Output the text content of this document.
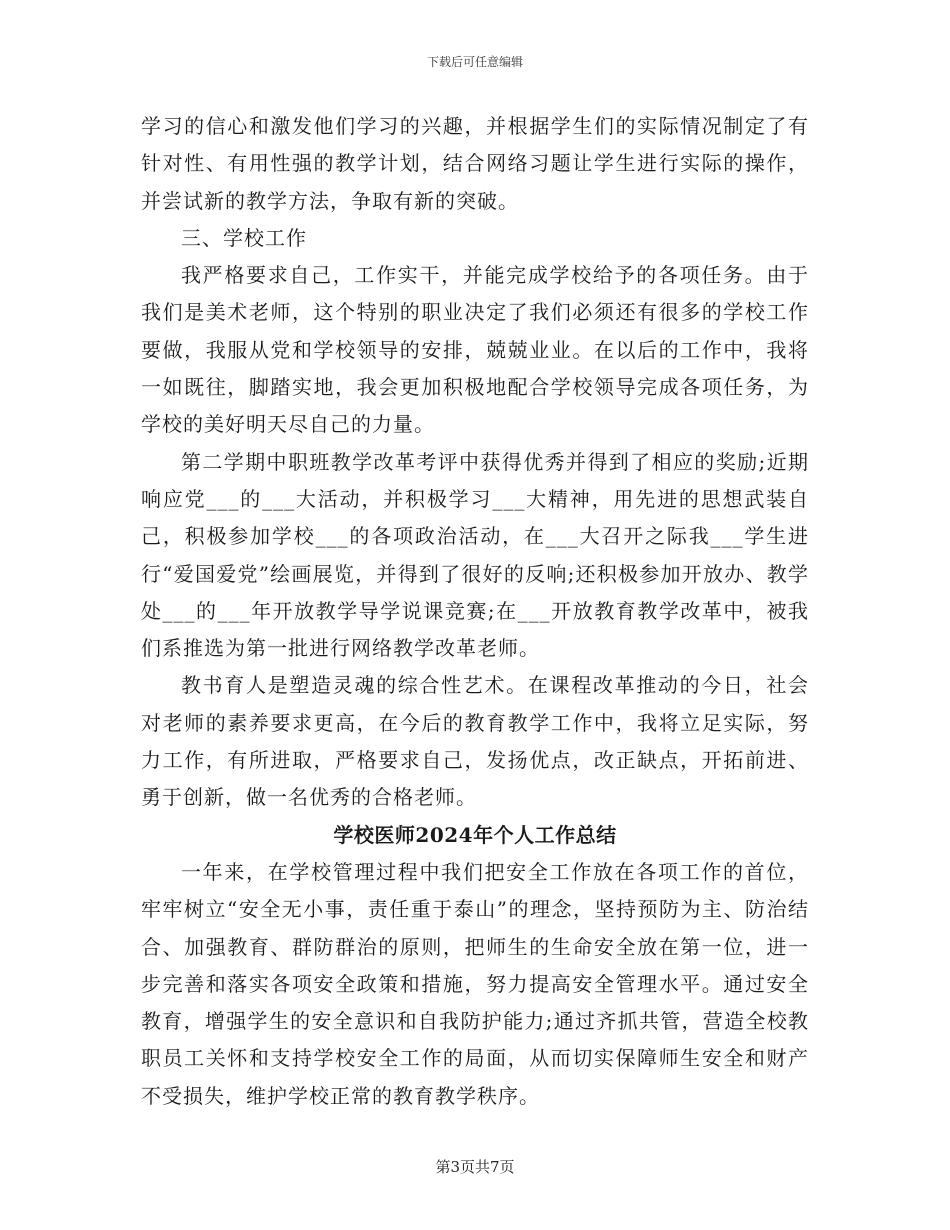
下载后可任意编辑

学习的信心和激发他们学习的兴趣，并根据学生们的实际情况制定了有针对性、有用性强的教学计划，结合网络习题让学生进行实际的操作，并尝试新的教学方法，争取有新的突破。

三、学校工作

我严格要求自己，工作实干，并能完成学校给予的各项任务。由于我们是美术老师，这个特别的职业决定了我们必须还有很多的学校工作要做，我服从党和学校领导的安排，兢兢业业。在以后的工作中，我将一如既往，脚踏实地，我会更加积极地配合学校领导完成各项任务，为学校的美好明天尽自己的力量。

第二学期中职班教学改革考评中获得优秀并得到了相应的奖励;近期响应党___的___大活动，并积极学习___大精神，用先进的思想武装自己，积极参加学校___的各项政治活动，在___大召开之际我___学生进行“爱国爱党”绘画展览，并得到了很好的反响;还积极参加开放办、教学处___的___年开放教学导学说课竞赛;在___开放教育教学改革中，被我们系推选为第一批进行网络教学改革老师。

教书育人是塑造灵魂的综合性艺术。在课程改革推动的今日，社会对老师的素养要求更高，在今后的教育教学工作中，我将立足实际，努力工作，有所进取，严格要求自己，发扬优点，改正缺点，开拓前进、勇于创新，做一名优秀的合格老师。

学校医师2024年个人工作总结

一年来，在学校管理过程中我们把安全工作放在各项工作的首位，牢牢树立“安全无小事，责任重于泰山”的理念，坚持预防为主、防治结合、加强教育、群防群治的原则，把师生的生命安全放在第一位，进一步完善和落实各项安全政策和措施，努力提高安全管理水平。通过安全教育，增强学生的安全意识和自我防护能力;通过齐抓共管，营造全校教职员工关怀和支持学校安全工作的局面，从而切实保障师生安全和财产不受损失，维护学校正常的教育教学秩序。

第3页共7页
